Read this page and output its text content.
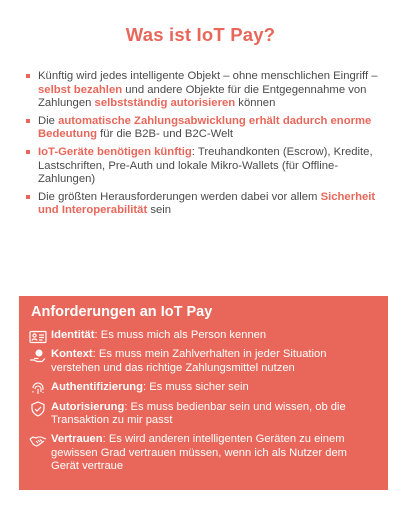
Was ist IoT Pay?
Künftig wird jedes intelligente Objekt – ohne menschlichen Eingriff – selbst bezahlen und andere Objekte für die Entgegennahme von Zahlungen selbstständig autorisieren können
Die automatische Zahlungsabwicklung erhält dadurch enorme Bedeutung für die B2B- und B2C-Welt
IoT-Geräte benötigen künftig: Treuhandkonten (Escrow), Kredite, Lastschriften, Pre-Auth und lokale Mikro-Wallets (für Offline-Zahlungen)
Die größten Herausforderungen werden dabei vor allem Sicherheit und Interoperabilität sein
Anforderungen an IoT Pay
Identität: Es muss mich als Person kennen
Kontext: Es muss mein Zahlverhalten in jeder Situation verstehen und das richtige Zahlungsmittel nutzen
Authentifizierung: Es muss sicher sein
Autorisierung: Es muss bedienbar sein und wissen, ob die Transaktion zu mir passt
Vertrauen: Es wird anderen intelligenten Geräten zu einem gewissen Grad vertrauen müssen, wenn ich als Nutzer dem Gerät vertraue
